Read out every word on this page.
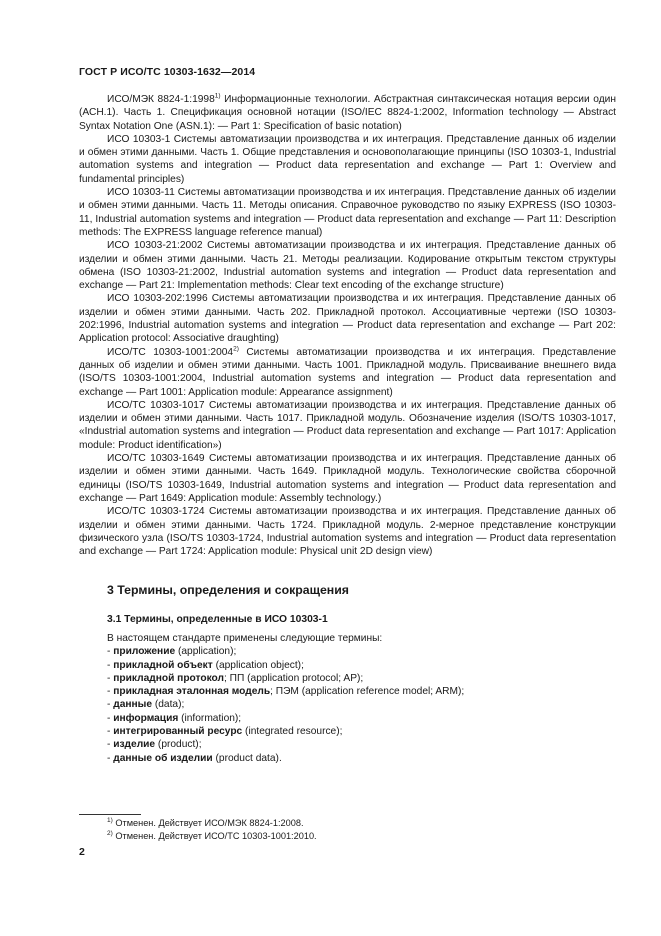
ГОСТ Р ИСО/ТС 10303-1632—2014

ИСО/МЭК 8824-1:1998$^{1)}$ Информационные технологии. Абстрактная синтаксическая нотация версии один (АСН.1). Часть 1. Спецификация основной нотации (ISO/IEC 8824-1:2002, Information technology — Abstract Syntax Notation One (ASN.1): — Part 1: Specification of basic notation)

ИСО 10303-1 Системы автоматизации производства и их интеграция. Представление данных об изделии и обмен этими данными. Часть 1. Общие представления и основополагающие принципы (ISO 10303-1, Industrial automation systems and integration — Product data representation and exchange — Part 1: Overview and fundamental principles)

ИСО 10303-11 Системы автоматизации производства и их интеграция. Представление данных об изделии и обмен этими данными. Часть 11. Методы описания. Справочное руководство по языку EXPRESS (ISO 10303-11, Industrial automation systems and integration — Product data representation and exchange — Part 11: Description methods: The EXPRESS language reference manual)

ИСО 10303-21:2002 Системы автоматизации производства и их интеграция. Представление данных об изделии и обмен этими данными. Часть 21. Методы реализации. Кодирование открытым текстом структуры обмена (ISO 10303-21:2002, Industrial automation systems and integration — Product data representation and exchange — Part 21: Implementation methods: Clear text encoding of the exchange structure)

ИСО 10303-202:1996 Системы автоматизации производства и их интеграция. Представление данных об изделии и обмен этими данными. Часть 202. Прикладной протокол. Ассоциативные чертежи (ISO 10303-202:1996, Industrial automation systems and integration — Product data representation and exchange — Part 202: Application protocol: Associative draughting)

ИСО/ТС 10303-1001:2004$^{2)}$ Системы автоматизации производства и их интеграция. Представление данных об изделии и обмен этими данными. Часть 1001. Прикладной модуль. Присваивание внешнего вида (ISO/TS 10303-1001:2004, Industrial automation systems and integration — Product data representation and exchange — Part 1001: Application module: Appearance assignment)

ИСО/ТС 10303-1017 Системы автоматизации производства и их интеграция. Представление данных об изделии и обмен этими данными. Часть 1017. Прикладной модуль. Обозначение изделия (ISO/TS 10303-1017, «Industrial automation systems and integration — Product data representation and exchange — Part 1017: Application module: Product identification»)

ИСО/ТС 10303-1649 Системы автоматизации производства и их интеграция. Представление данных об изделии и обмен этими данными. Часть 1649. Прикладной модуль. Технологические свойства сборочной единицы (ISO/TS 10303-1649, Industrial automation systems and integration — Product data representation and exchange — Part 1649: Application module: Assembly technology.)

ИСО/ТС 10303-1724 Системы автоматизации производства и их интеграция. Представление данных об изделии и обмен этими данными. Часть 1724. Прикладной модуль. 2-мерное представление конструкции физического узла (ISO/TS 10303-1724, Industrial automation systems and integration — Product data representation and exchange — Part 1724: Application module: Physical unit 2D design view)

3 Термины, определения и сокращения
3.1 Термины, определенные в ИСО 10303-1

В настоящем стандарте применены следующие термины:

- приложение (application);

- прикладной объект (application object);

- прикладной протокол; ПП (application protocol; AP);

- прикладная эталонная модель; ПЭМ (application reference model; ARM);

- данные (data);

- информация (information);

- интегрированный ресурс (integrated resource);

- изделие (product);

- данные об изделии (product data).

$^{1)}$ Отменен. Действует ИСО/МЭК 8824-1:2008.

$^{2)}$ Отменен. Действует ИСО/ТС 10303-1001:2010.

2
